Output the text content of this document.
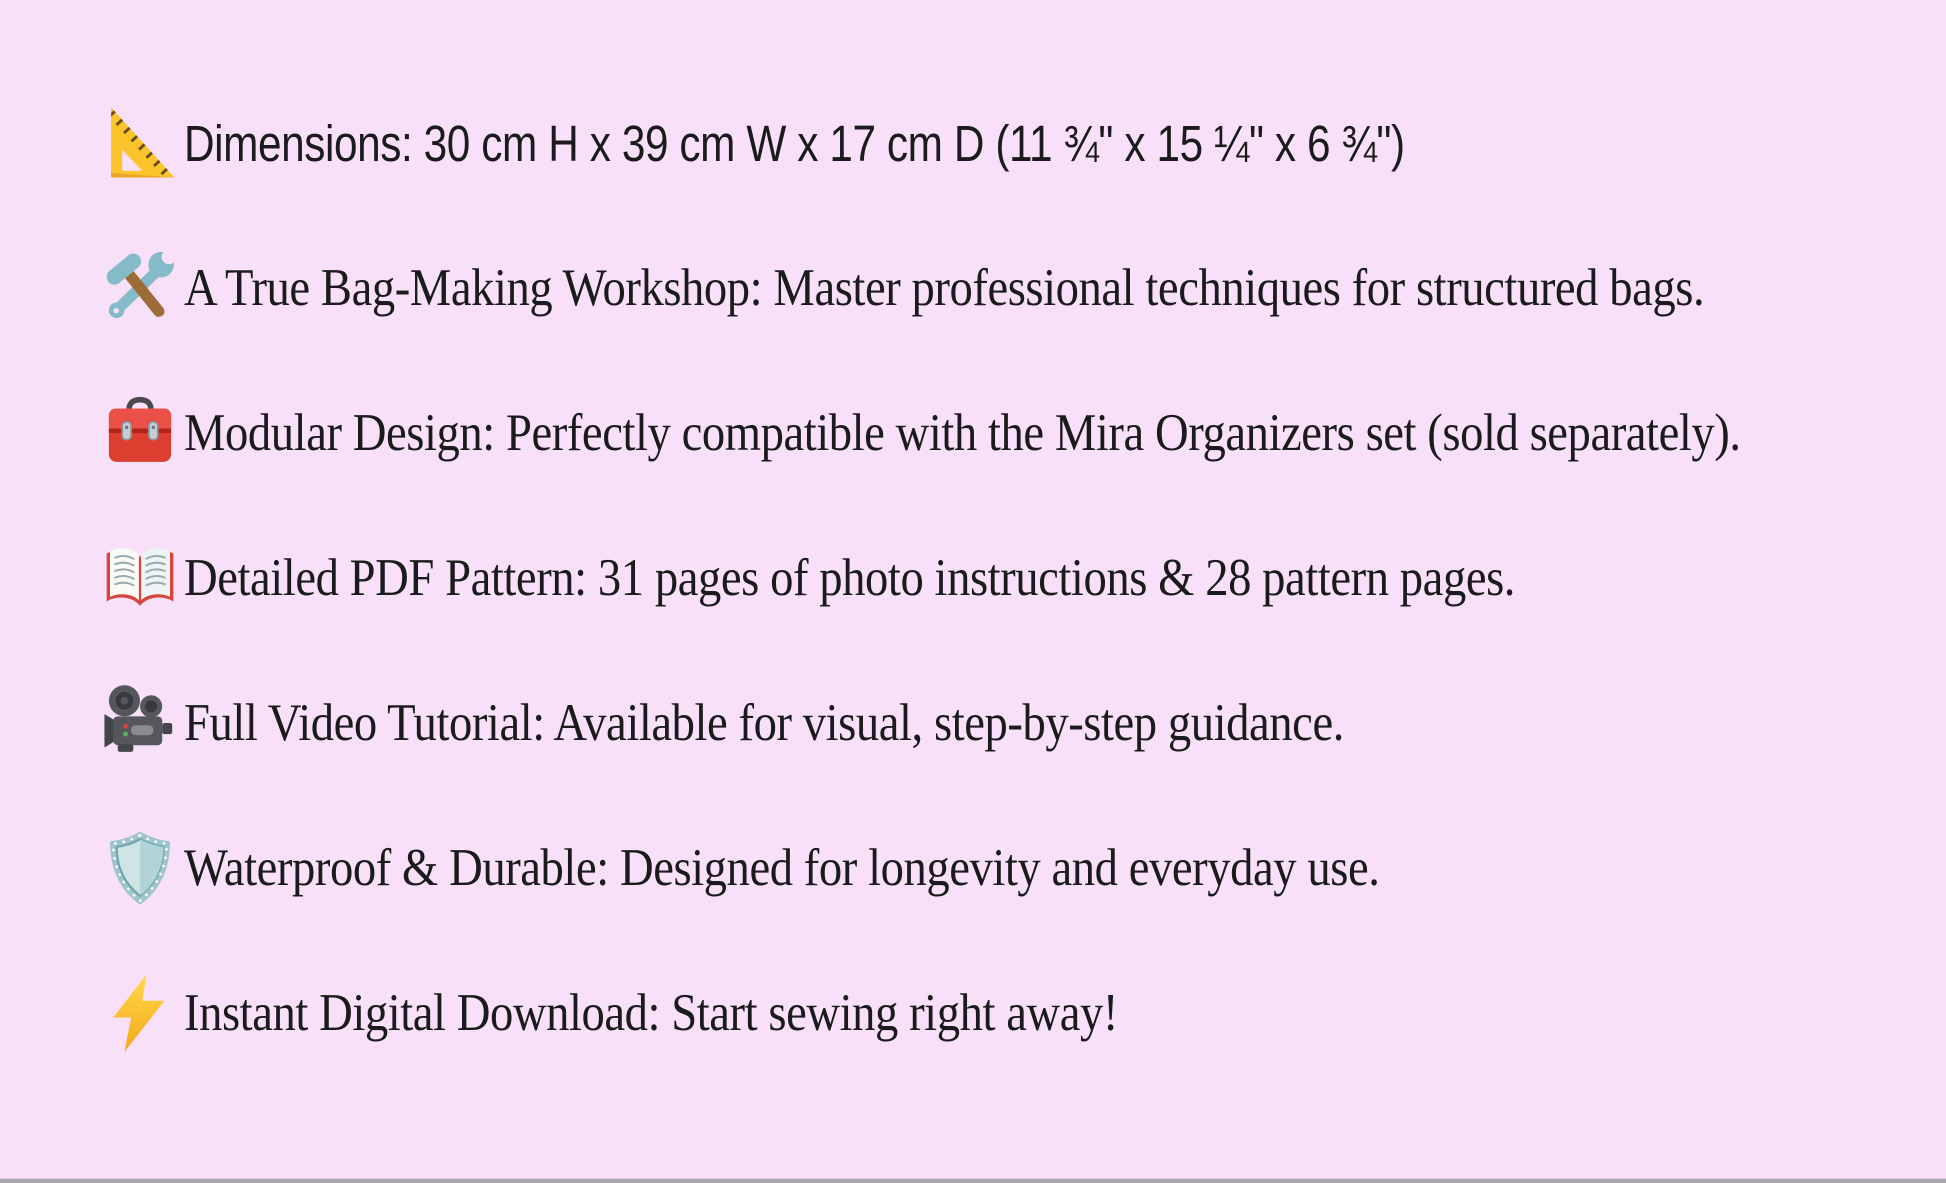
Dimensions: 30 cm H x 39 cm W x 17 cm D (11 ¾" x 15 ¼" x 6 ¾")
A True Bag-Making Workshop: Master professional techniques for structured bags.
Modular Design: Perfectly compatible with the Mira Organizers set (sold separately).
Detailed PDF Pattern: 31 pages of photo instructions & 28 pattern pages.
Full Video Tutorial: Available for visual, step-by-step guidance.
Waterproof & Durable: Designed for longevity and everyday use.
Instant Digital Download: Start sewing right away!
